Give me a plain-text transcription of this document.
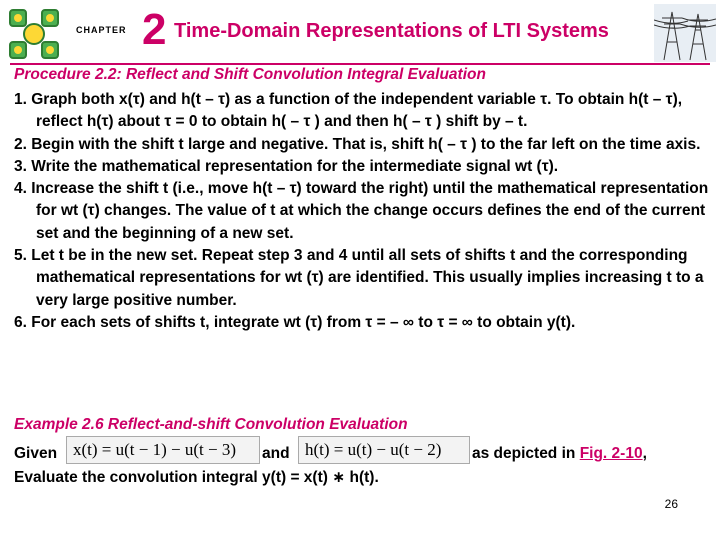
CHAPTER 2 Time-Domain Representations of LTI Systems
Procedure 2.2: Reflect and Shift Convolution Integral Evaluation
1. Graph both x(τ) and h(t – τ) as a function of the independent variable τ. To obtain h(t – τ), reflect h(τ) about τ = 0 to obtain h( – τ ) and then h( – τ ) shift by – t.
2. Begin with the shift t large and negative. That is, shift h( – τ ) to the far left on the time axis.
3. Write the mathematical representation for the intermediate signal wt (τ).
4. Increase the shift t (i.e., move h(t – τ) toward the right) until the mathematical representation for wt (τ) changes. The value of t at which the change occurs defines the end of the current set and the beginning of a new set.
5. Let t be in the new set. Repeat step 3 and 4 until all sets of shifts t and the corresponding mathematical representations for wt (τ) are identified. This usually implies increasing t to a very large positive number.
6. For each sets of shifts t, integrate wt (τ) from τ = – ∞ to τ = ∞ to obtain y(t).
Example 2.6 Reflect-and-shift Convolution Evaluation
Given x(t) = u(t − 1) − u(t − 3)	and h(t) = u(t) − u(t − 2)	as depicted in Fig. 2-10,
Evaluate the convolution integral y(t) = x(t) ∗ h(t).
26
